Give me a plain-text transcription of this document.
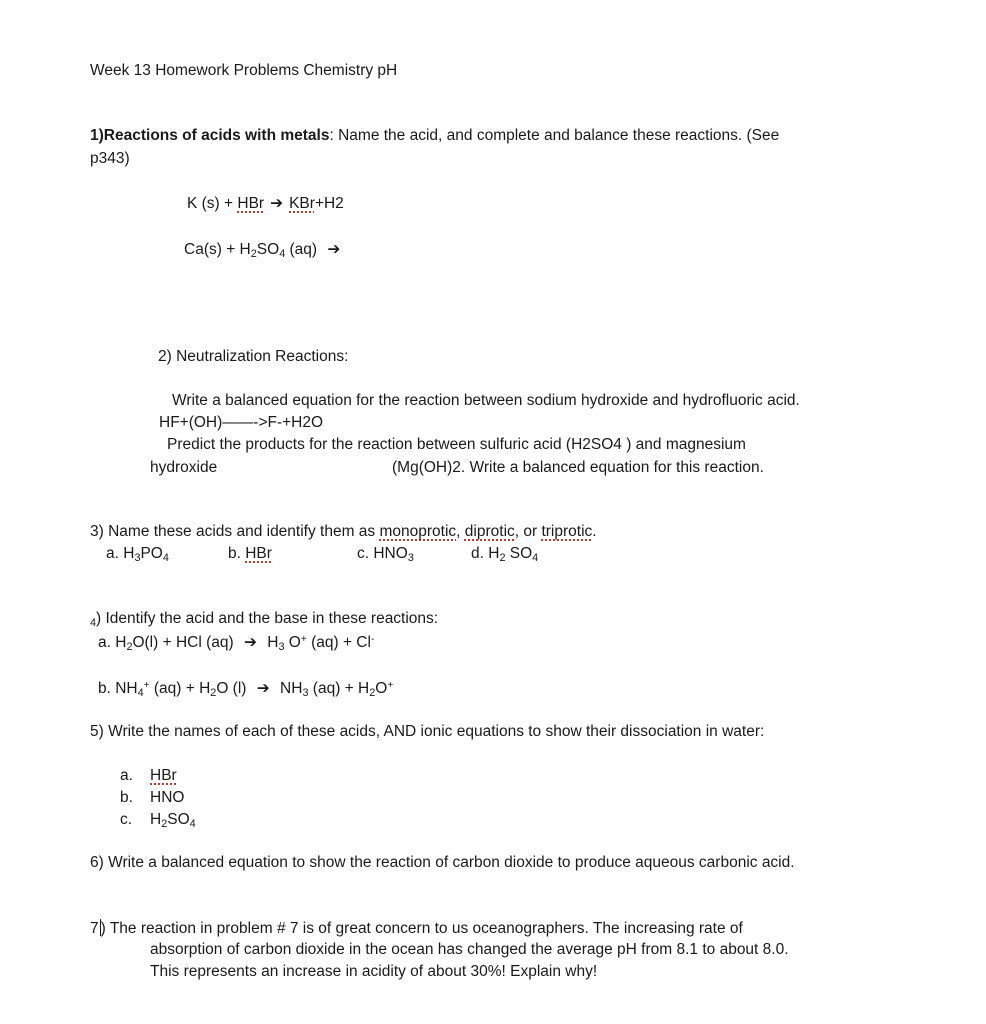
Week 13 Homework Problems Chemistry pH
1)Reactions of acids with metals: Name the acid, and complete and balance these reactions. (See
p343)
K (s) + HBr ➔ KBr+H2
$Ca(s) + H_2SO_4$ (aq) ➔
2) Neutralization Reactions:
Write a balanced equation for the reaction between sodium hydroxide and hydrofluoric acid.
HF+(OH)——->F-+H2O
Predict the products for the reaction between sulfuric acid (H2SO4 ) and magnesium
hydroxide	(Mg(OH)2. Write a balanced equation for this reaction.
3) Name these acids and identify them as monoprotic, diprotic, or triprotic.
a. $H_3PO_4$	b. HBr	c. $HNO_3$	d. $H_2$ $SO_4$
$_4$) Identify the acid and the base in these reactions:
a. $H_2O(l)$ + HCl (aq) ➔ $H_3$ O+ (aq) + Cl-
b. $NH_4^+$ $(aq) + H_2O$ (l) ➔ $NH_3$ $(aq) + H_2O^+$
5) Write the names of each of these acids, AND ionic equations to show their dissociation in water:
a. HBr
b. HNO
c. $H_2SO_4$
6) Write a balanced equation to show the reaction of carbon dioxide to produce aqueous carbonic acid.
7 ) The reaction in problem # 7 is of great concern to us oceanographers. The increasing rate of
absorption of carbon dioxide in the ocean has changed the average pH from 8.1 to about 8.0.
This represents an increase in acidity of about 30%! Explain why!
